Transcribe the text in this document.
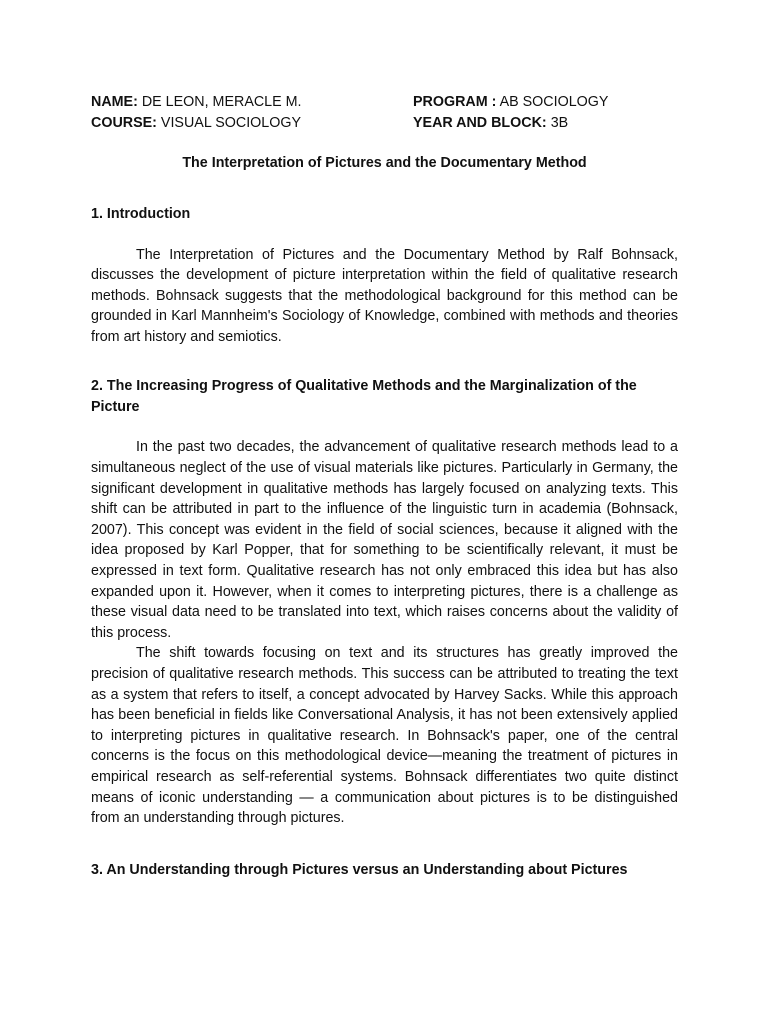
NAME: DE LEON, MERACLE M.
COURSE: VISUAL SOCIOLOGY
PROGRAM : AB SOCIOLOGY
YEAR AND BLOCK: 3B
The Interpretation of Pictures and the Documentary Method

1. Introduction

The Interpretation of Pictures and the Documentary Method by Ralf Bohnsack, discusses the development of picture interpretation within the field of qualitative research methods. Bohnsack suggests that the methodological background for this method can be grounded in Karl Mannheim's Sociology of Knowledge, combined with methods and theories from art history and semiotics.

2. The Increasing Progress of Qualitative Methods and the Marginalization of the Picture

In the past two decades, the advancement of qualitative research methods lead to a simultaneous neglect of the use of visual materials like pictures. Particularly in Germany, the significant development in qualitative methods has largely focused on analyzing texts. This shift can be attributed in part to the influence of the linguistic turn in academia (Bohnsack, 2007). This concept was evident in the field of social sciences, because it aligned with the idea proposed by Karl Popper, that for something to be scientifically relevant, it must be expressed in text form. Qualitative research has not only embraced this idea but has also expanded upon it. However, when it comes to interpreting pictures, there is a challenge as these visual data need to be translated into text, which raises concerns about the validity of this process.

The shift towards focusing on text and its structures has greatly improved the precision of qualitative research methods. This success can be attributed to treating the text as a system that refers to itself, a concept advocated by Harvey Sacks. While this approach has been beneficial in fields like Conversational Analysis, it has not been extensively applied to interpreting pictures in qualitative research. In Bohnsack's paper, one of the central concerns is the focus on this methodological device—meaning the treatment of pictures in empirical research as self-referential systems. Bohnsack differentiates two quite distinct means of iconic understanding — a communication about pictures is to be distinguished from an understanding through pictures.

3. An Understanding through Pictures versus an Understanding about Pictures
